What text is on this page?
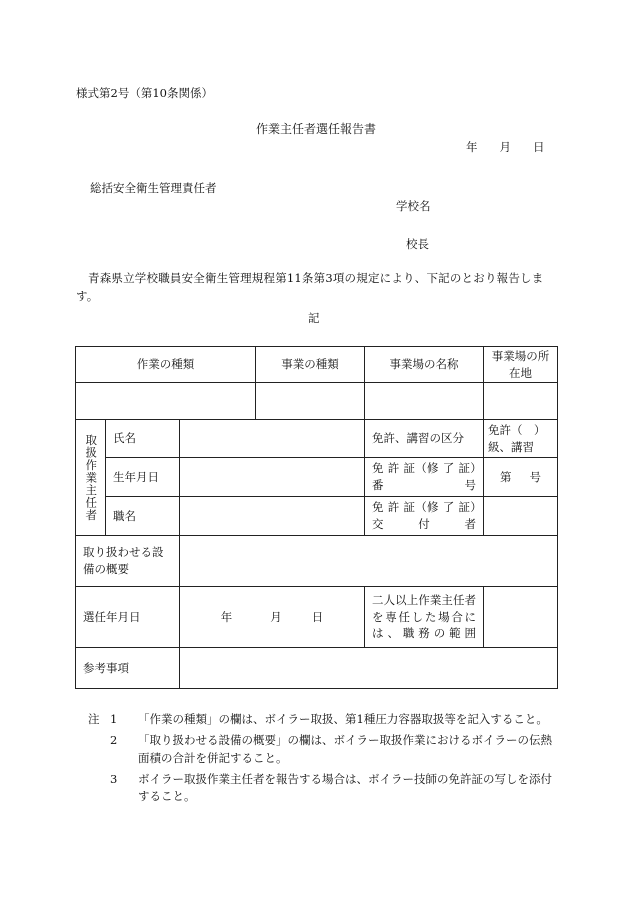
様式第2号（第10条関係）
作業主任者選任報告書
年 月 日
総括安全衛生管理責任者
学校名
校長
青森県立学校職員安全衛生管理規程第11条第3項の規定により、下記のとおり報告します。
記
作業の種類			事業の種類	事業場の名称	事業場の所在地

取扱作業主任者	氏名			免許、講習の区分	免許（　）級、講習
	生年月日			免 許 証（修 了 証）番号	第 号

	職名			免 許 証（修 了 証）交付者	

取り扱わせる設備の概要					
選任年月日		年 月 日		二人以上作業主任者を専任した場合には、職務の範囲	

参考事項					
注 1	「作業の種類」の欄は、ボイラー取扱、第1種圧力容器取扱等を記入すること。
2	「取り扱わせる設備の概要」の欄は、ボイラー取扱作業におけるボイラーの伝熱面積の合計を併記すること。
3	ボイラー取扱作業主任者を報告する場合は、ボイラー技師の免許証の写しを添付すること。
